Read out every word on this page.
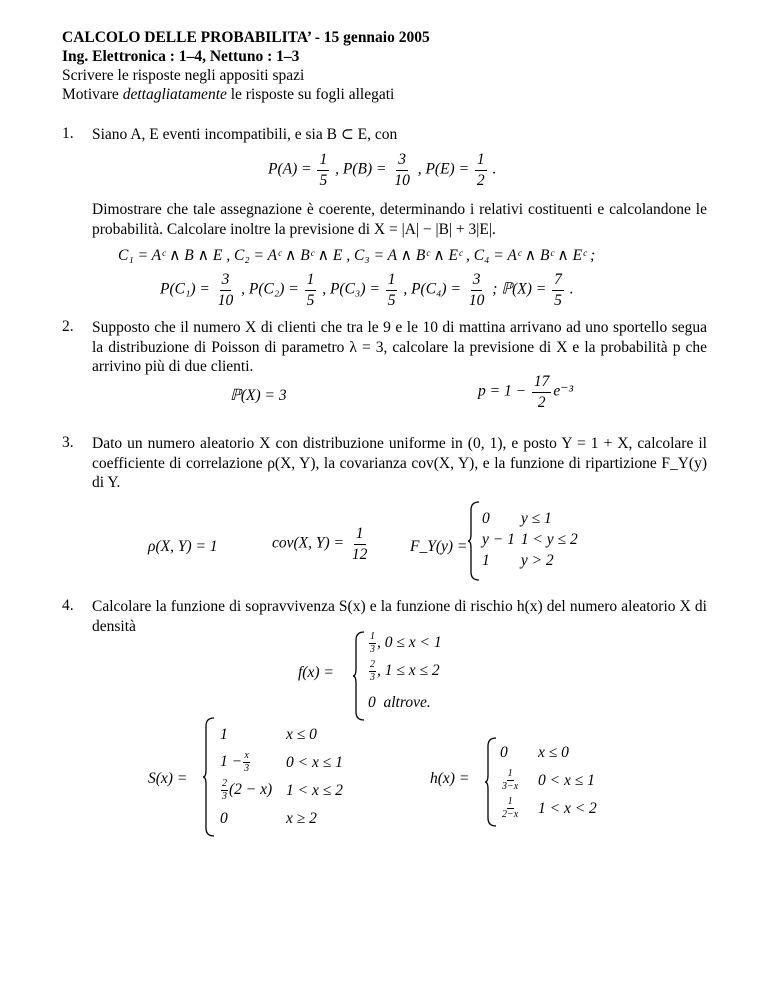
CALCOLO DELLE PROBABILITA’ - 15 gennaio 2005
Ing. Elettronica : 1–4, Nettuno : 1–3
Scrivere le risposte negli appositi spazi
Motivare dettagliatamente le risposte su fogli allegati
1.	Siano A, E eventi incompatibili, e sia B ⊂ E, con
$P(A) = \frac{1}{5}$ , $P(B) = \frac{3}{10}$ , $P(E) = \frac{1}{2}$ .
Dimostrare che tale assegnazione è coerente, determinando i relativi costituenti e calcolandone le probabilità. Calcolare inoltre la previsione di X = |A| − |B| + 3|E|.
C₁ = Aᶜ ∧ B ∧ E , C₂ = Aᶜ ∧ Bᶜ ∧ E , C₃ = A ∧ Bᶜ ∧ Eᶜ , C₄ = Aᶜ ∧ Bᶜ ∧ Eᶜ ;
$P(C_1) = \frac{3}{10}$ , $P(C_2) = \frac{1}{5}$ , $P(C_3) = \frac{1}{5}$ , $P(C_4) = \frac{3}{10}$ ; ℙ(X) = $\frac{7}{5}$ .
2.	Supposto che il numero X di clienti che tra le 9 e le 10 di mattina arrivano ad uno sportello segua la distribuzione di Poisson di parametro λ = 3, calcolare la previsione di X e la probabilità p che arrivino più di due clienti.
ℙ(X) = 3	$p = 1 - \frac{17}{2} e^{-3}$
3.	Dato un numero aleatorio X con distribuzione uniforme in (0, 1), e posto Y = 1 + X, calcolare il coefficiente di correlazione ρ(X, Y), la covarianza cov(X, Y), e la funzione di ripartizione F_Y(y) di Y.
ρ(X, Y) = 1	cov(X, $Y) = \frac{1}{12}$	F_Y(y) =
0	y ≤ 1
y − 1	1 < y ≤ 2
1	y > 2
4.	Calcolare la funzione di sopravvivenza S(x) e la funzione di rischio h(x) del numero aleatorio X di densità
f(x) =
$\frac{1}{3}$ , 0 ≤ x < 1
$\frac{2}{3}$ , 1 ≤ x ≤ 2
0 altrove.
S(x) =
1	x ≤ 0
$1 - \frac{x}{3}$	0 < x ≤ 1

$\frac{2}{3} (2 - x)$	1 < x ≤ 2
0	x ≥ 2
h(x) =
0	x ≤ 0

$\frac{1}{3-x}$	0 < x ≤ 1

$\frac{1}{2-x}$	1 < x < 2
